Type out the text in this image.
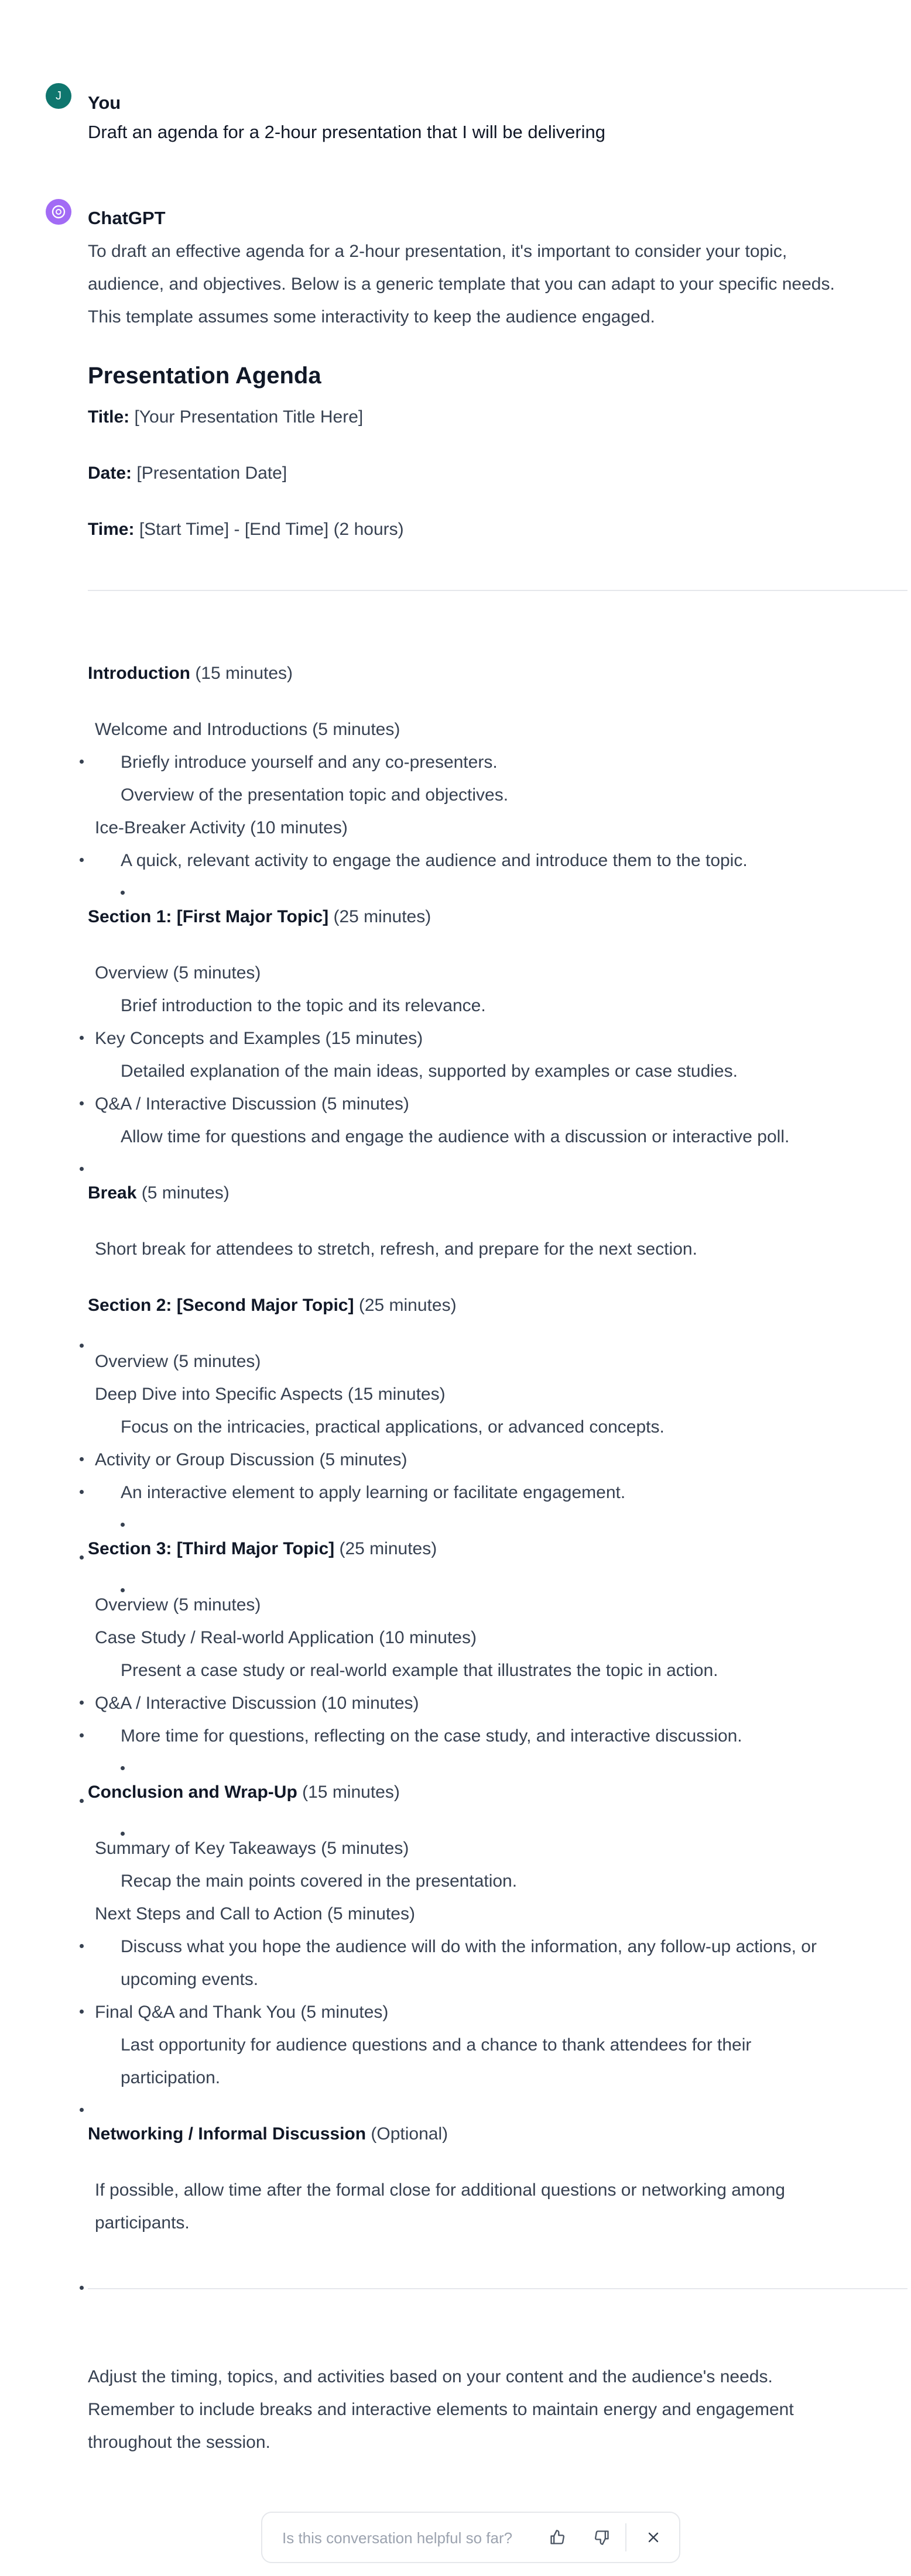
J You
Draft an agenda for a 2-hour presentation that I will be delivering
ChatGPT

To draft an effective agenda for a 2-hour presentation, it's important to consider your topic,

audience, and objectives. Below is a generic template that you can adapt to your specific needs.

This template assumes some interactivity to keep the audience engaged.

Presentation Agenda
Title: [Your Presentation Title Here]
Date: [Presentation Date]
Time: [Start Time] - [End Time] (2 hours)
Introduction (15 minutes)
Welcome and Introductions (5 minutes)
Briefly introduce yourself and any co-presenters.
Overview of the presentation topic and objectives.
Ice-Breaker Activity (10 minutes)
A quick, relevant activity to engage the audience and introduce them to the topic.
Section 1: [First Major Topic] (25 minutes)
Overview (5 minutes)
Brief introduction to the topic and its relevance.
Key Concepts and Examples (15 minutes)
Detailed explanation of the main ideas, supported by examples or case studies.
Q&A / Interactive Discussion (5 minutes)
Allow time for questions and engage the audience with a discussion or interactive poll.
Break (5 minutes)
Short break for attendees to stretch, refresh, and prepare for the next section.
Section 2: [Second Major Topic] (25 minutes)
Overview (5 minutes)
Deep Dive into Specific Aspects (15 minutes)
Focus on the intricacies, practical applications, or advanced concepts.
Activity or Group Discussion (5 minutes)
An interactive element to apply learning or facilitate engagement.
Section 3: [Third Major Topic] (25 minutes)
Overview (5 minutes)
Case Study / Real-world Application (10 minutes)
Present a case study or real-world example that illustrates the topic in action.
Q&A / Interactive Discussion (10 minutes)
More time for questions, reflecting on the case study, and interactive discussion.
Conclusion and Wrap-Up (15 minutes)
Summary of Key Takeaways (5 minutes)
Recap the main points covered in the presentation.
Next Steps and Call to Action (5 minutes)
Discuss what you hope the audience will do with the information, any follow-up actions, or
upcoming events.
Final Q&A and Thank You (5 minutes)
Last opportunity for audience questions and a chance to thank attendees for their
participation.
Networking / Informal Discussion (Optional)
If possible, allow time after the formal close for additional questions or networking among
participants.

Adjust the timing, topics, and activities based on your content and the audience's needs.

Remember to include breaks and interactive elements to maintain energy and engagement

throughout the session.

Is this conversation helpful so far?
